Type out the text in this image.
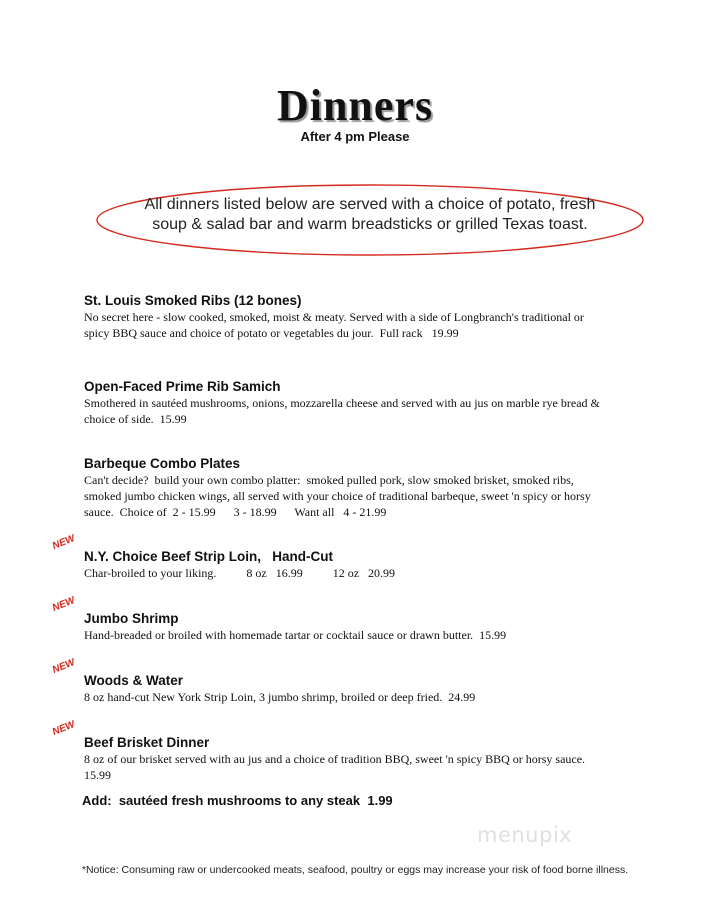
Dinners
After 4 pm Please
All dinners listed below are served with a choice of potato, fresh
soup & salad bar and warm breadsticks or grilled Texas toast.
St. Louis Smoked Ribs (12 bones)
No secret here - slow cooked, smoked, moist & meaty. Served with a side of Longbranch's traditional or
spicy BBQ sauce and choice of potato or vegetables du jour.  Full rack   19.99
Open-Faced Prime Rib Samich
Smothered in sautéed mushrooms, onions, mozzarella cheese and served with au jus on marble rye bread &
choice of side.  15.99
Barbeque Combo Plates
Can't decide?  build your own combo platter:  smoked pulled pork, slow smoked brisket, smoked ribs,
smoked jumbo chicken wings, all served with your choice of traditional barbeque, sweet 'n spicy or horsy
sauce.  Choice of  2 - 15.99      3 - 18.99      Want all   4 - 21.99
NEW
N.Y. Choice Beef Strip Loin,   Hand-Cut
Char-broiled to your liking.          8 oz   16.99          12 oz   20.99
NEW
Jumbo Shrimp
Hand-breaded or broiled with homemade tartar or cocktail sauce or drawn butter.  15.99
NEW
Woods & Water
8 oz hand-cut New York Strip Loin, 3 jumbo shrimp, broiled or deep fried.  24.99
NEW
Beef Brisket Dinner
8 oz of our brisket served with au jus and a choice of tradition BBQ, sweet 'n spicy BBQ or horsy sauce.
15.99
Add:  sautéed fresh mushrooms to any steak  1.99
menupix
*Notice: Consuming raw or undercooked meats, seafood, poultry or eggs may increase your risk of food borne illness.
